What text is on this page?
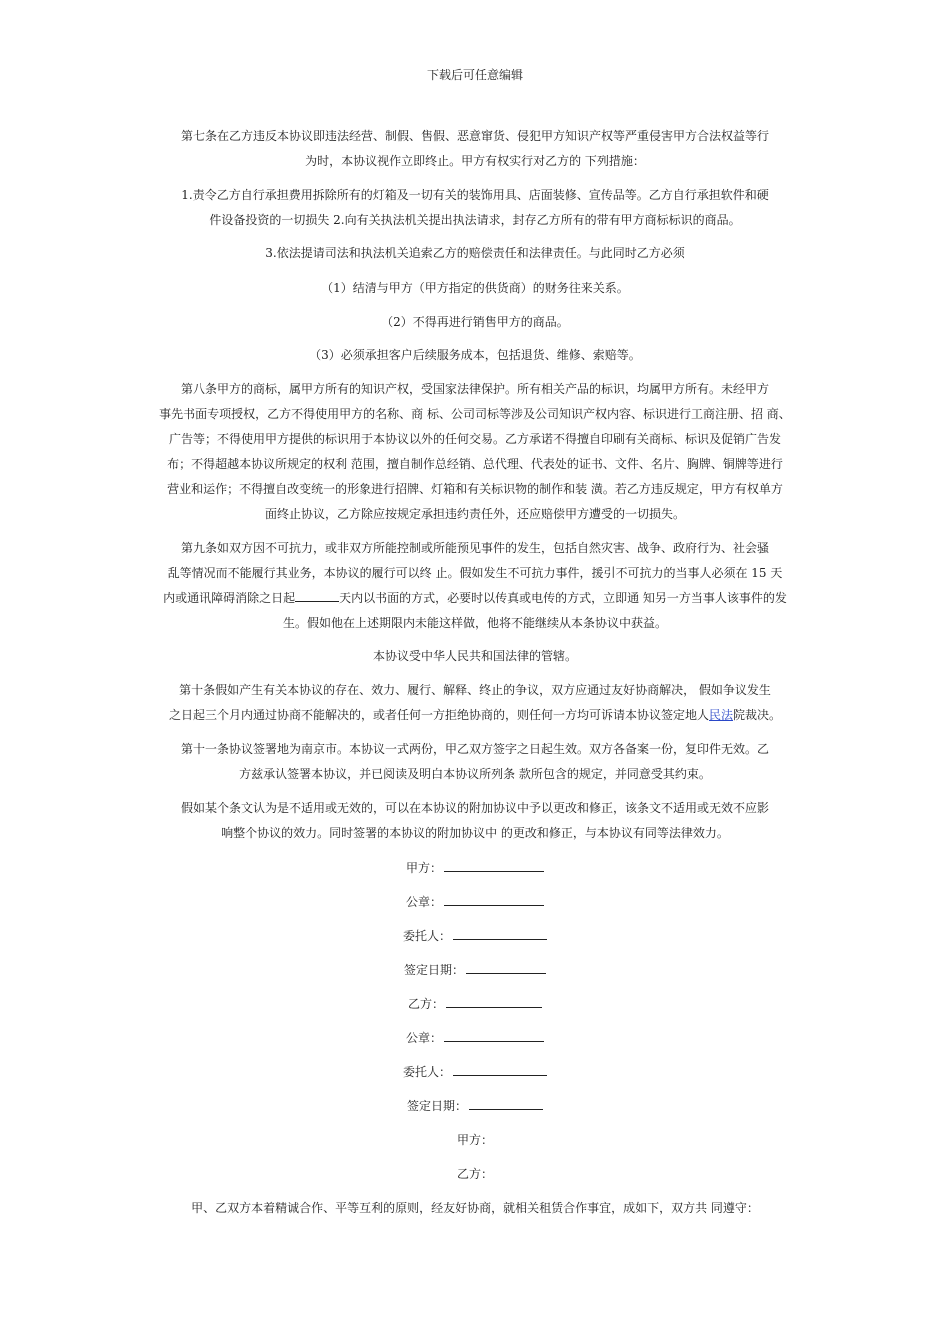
下载后可任意编辑
第七条在乙方违反本协议即违法经营、制假、售假、恶意窜货、侵犯甲方知识产权等严重侵害甲方合法权益等行
为时，本协议视作立即终止。甲方有权实行对乙方的 下列措施：
1.责令乙方自行承担费用拆除所有的灯箱及一切有关的装饰用具、店面装修、宣传品等。乙方自行承担软件和硬
件设备投资的一切损失 2.向有关执法机关提出执法请求，封存乙方所有的带有甲方商标标识的商品。
3.依法提请司法和执法机关追索乙方的赔偿责任和法律责任。与此同时乙方必须
（1）结清与甲方（甲方指定的供货商）的财务往来关系。
（2）不得再进行销售甲方的商品。
（3）必须承担客户后续服务成本，包括退货、维修、索赔等。
第八条甲方的商标，属甲方所有的知识产权，受国家法律保护。所有相关产品的标识，均属甲方所有。未经甲方
事先书面专项授权，乙方不得使用甲方的名称、商 标、公司司标等涉及公司知识产权内容、标识进行工商注册、招 商、
广告等；不得使用甲方提供的标识用于本协议以外的任何交易。乙方承诺不得擅自印刷有关商标、标识及促销广告发
布；不得超越本协议所规定的权利 范围，擅自制作总经销、总代理、代表处的证书、文件、名片、胸牌、铜牌等进行
营业和运作；不得擅自改变统一的形象进行招牌、灯箱和有关标识物的制作和装 潢。若乙方违反规定，甲方有权单方
面终止协议，乙方除应按规定承担违约责任外，还应赔偿甲方遭受的一切损失。
第九条如双方因不可抗力，或非双方所能控制或所能预见事件的发生，包括自然灾害、战争、政府行为、社会骚
乱等情况而不能履行其业务，本协议的履行可以终 止。假如发生不可抗力事件，援引不可抗力的当事人必须在 15 天
内或通讯障碍消除之日起	天内以书面的方式，必要时以传真或电传的方式，立即通 知另一方当事人该事件的发
生。假如他在上述期限内未能这样做，他将不能继续从本条协议中获益。
本协议受中华人民共和国法律的管辖。
第十条假如产生有关本协议的存在、效力、履行、解释、终止的争议，双方应通过友好协商解决， 假如争议发生
之日起三个月内通过协商不能解决的，或者任何一方拒绝协商的，则任何一方均可诉请本协议签定地人民法院裁决。
第十一条协议签署地为南京市。本协议一式两份，甲乙双方签字之日起生效。双方各备案一份，复印件无效。乙
方兹承认签署本协议，并已阅读及明白本协议所列条 款所包含的规定，并同意受其约束。
假如某个条文认为是不适用或无效的，可以在本协议的附加协议中予以更改和修正，该条文不适用或无效不应影
响整个协议的效力。同时签署的本协议的附加协议中 的更改和修正，与本协议有同等法律效力。
甲方：
公章：
委托人：
签定日期：
乙方：
公章：
委托人：
签定日期：
甲方：
乙方：
甲、乙双方本着精诚合作、平等互利的原则，经友好协商，就相关租赁合作事宜，成如下，双方共 同遵守：
